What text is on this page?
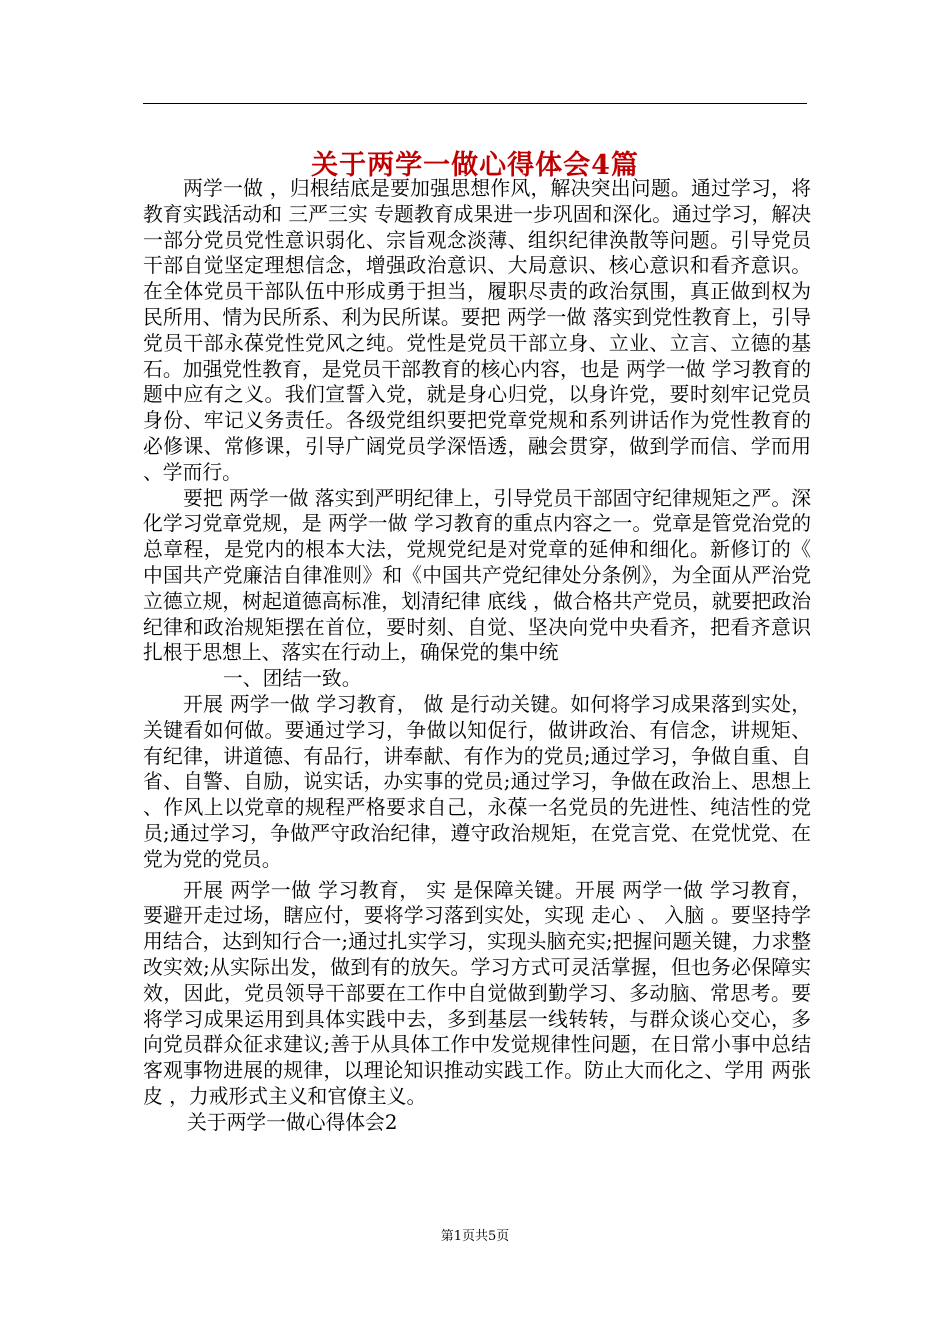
关于两学一做心得体会4篇

两学一做 ，归根结底是要加强思想作风，解决突出问题。通过学习，将教育实践活动和 三严三实 专题教育成果进一步巩固和深化。通过学习，解决一部分党员党性意识弱化、宗旨观念淡薄、组织纪律涣散等问题。引导党员干部自觉坚定理想信念，增强政治意识、大局意识、核心意识和看齐意识。在全体党员干部队伍中形成勇于担当，履职尽责的政治氛围，真正做到权为民所用、情为民所系、利为民所谋。要把 两学一做 落实到党性教育上，引导党员干部永葆党性党风之纯。党性是党员干部立身、立业、立言、立德的基石。加强党性教育，是党员干部教育的核心内容，也是 两学一做 学习教育的题中应有之义。我们宣誓入党，就是身心归党，以身许党，要时刻牢记党员身份、牢记义务责任。各级党组织要把党章党规和系列讲话作为党性教育的必修课、常修课，引导广阔党员学深悟透，融会贯穿，做到学而信、学而用、学而行。

要把 两学一做 落实到严明纪律上，引导党员干部固守纪律规矩之严。深化学习党章党规，是 两学一做 学习教育的重点内容之一。党章是管党治党的总章程，是党内的根本大法，党规党纪是对党章的延伸和细化。新修订的《中国共产党廉洁自律准则》和《中国共产党纪律处分条例》，为全面从严治党立德立规，树起道德高标准，划清纪律 底线 ，做合格共产党员，就要把政治纪律和政治规矩摆在首位，要时刻、自觉、坚决向党中央看齐，把看齐意识扎根于思想上、落实在行动上，确保党的集中统

一、团结一致。

开展 两学一做 学习教育， 做 是行动关键。如何将学习成果落到实处，关键看如何做。要通过学习，争做以知促行，做讲政治、有信念，讲规矩、有纪律，讲道德、有品行，讲奉献、有作为的党员;通过学习，争做自重、自省、自警、自励，说实话，办实事的党员;通过学习，争做在政治上、思想上、作风上以党章的规程严格要求自己，永葆一名党员的先进性、纯洁性的党员;通过学习，争做严守政治纪律，遵守政治规矩，在党言党、在党忧党、在党为党的党员。

开展 两学一做 学习教育， 实 是保障关键。开展 两学一做 学习教育，要避开走过场，瞎应付，要将学习落到实处，实现 走心 、 入脑 。要坚持学用结合，达到知行合一;通过扎实学习，实现头脑充实;把握问题关键，力求整改实效;从实际出发，做到有的放矢。学习方式可灵活掌握，但也务必保障实效，因此，党员领导干部要在工作中自觉做到勤学习、多动脑、常思考。要将学习成果运用到具体实践中去，多到基层一线转转，与群众谈心交心，多向党员群众征求建议;善于从具体工作中发觉规律性问题，在日常小事中总结客观事物进展的规律，以理论知识推动实践工作。防止大而化之、学用 两张皮 ，力戒形式主义和官僚主义。

关于两学一做心得体会2

第1页共5页
